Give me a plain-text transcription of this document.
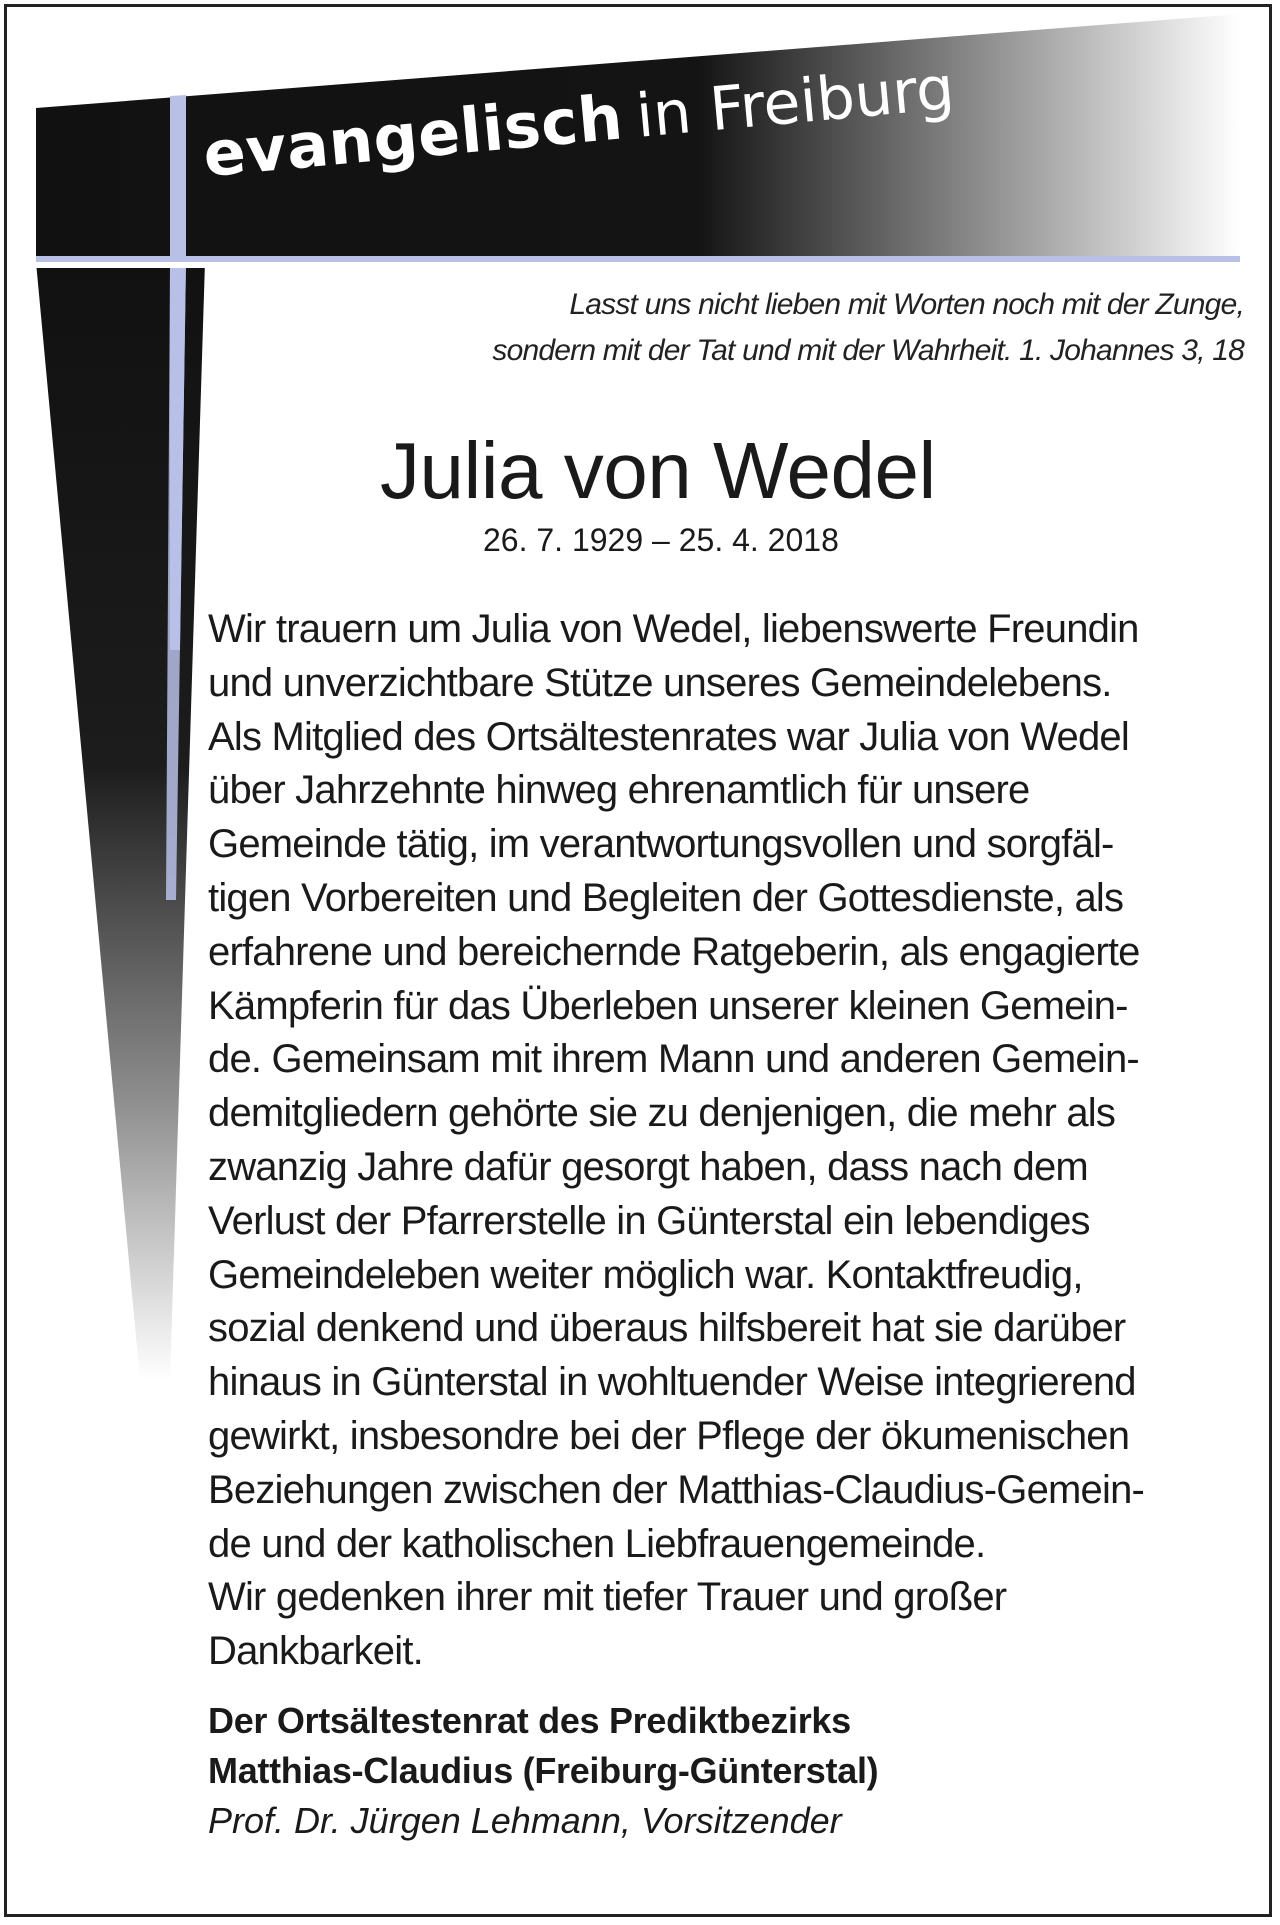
evangelisch in Freiburg
Lasst uns nicht lieben mit Worten noch mit der Zunge,
sondern mit der Tat und mit der Wahrheit. 1. Johannes 3, 18
Julia von Wedel
26. 7. 1929 – 25. 4. 2018
Wir trauern um Julia von Wedel, liebenswerte Freundin
und unverzichtbare Stütze unseres Gemeindelebens.
Als Mitglied des Ortsältestenrates war Julia von Wedel
über Jahrzehnte hinweg ehrenamtlich für unsere
Gemeinde tätig, im verantwortungsvollen und sorgfäl-
tigen Vorbereiten und Begleiten der Gottesdienste, als
erfahrene und bereichernde Ratgeberin, als engagierte
Kämpferin für das Überleben unserer kleinen Gemein-
de. Gemeinsam mit ihrem Mann und anderen Gemein-
demitgliedern gehörte sie zu denjenigen, die mehr als
zwanzig Jahre dafür gesorgt haben, dass nach dem
Verlust der Pfarrerstelle in Günterstal ein lebendiges
Gemeindeleben weiter möglich war. Kontaktfreudig,
sozial denkend und überaus hilfsbereit hat sie darüber
hinaus in Günterstal in wohltuender Weise integrierend
gewirkt, insbesondre bei der Pflege der ökumenischen
Beziehungen zwischen der Matthias-Claudius-Gemein-
de und der katholischen Liebfrauengemeinde.
Wir gedenken ihrer mit tiefer Trauer und großer
Dankbarkeit.
Der Ortsältestenrat des Prediktbezirks
Matthias-Claudius (Freiburg-Günterstal)
Prof. Dr. Jürgen Lehmann, Vorsitzender
